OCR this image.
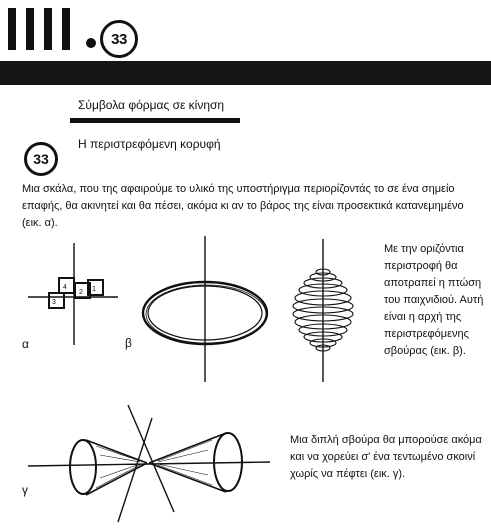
33
Σύμβολα φόρμας σε κίνηση
33
Η περιστρεφόμενη κορυφή
Μια σκάλα, που της αφαιρούμε το υλικό της υποστήριγμα περιορίζοντάς το σε ένα σημείο επαφής, θα ακινητεί και θα πέσει, ακόμα κι αν το βάρος της είναι προσεκτικά κατανεμημένο (εικ. α).
4
3
2 1
α	β
γ
Με την οριζόντια περιστροφή θα αποτραπεί η πτώση του παιχνιδιού. Αυτή είναι η αρχή της περιστρεφόμενης σβούρας (εικ. β).
Μια διπλή σβούρα θα μπορούσε ακόμα και να χορεύει σ' ένα τεντωμένο σκοινί χωρίς να πέφτει (εικ. γ).
